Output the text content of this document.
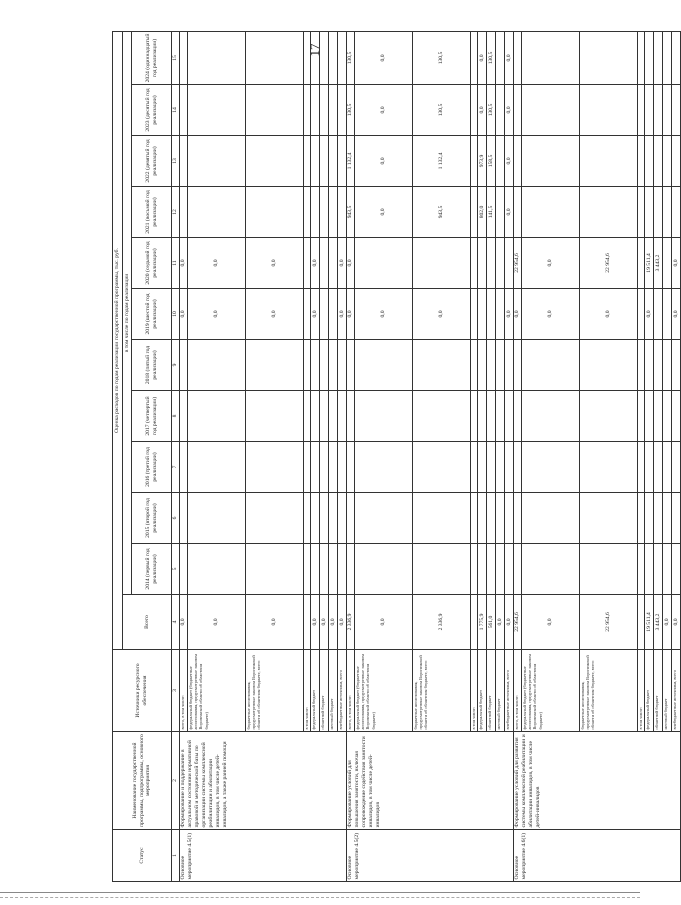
17
Статус	Наименование государственной программы, подпрограммы, основного мероприятия	Источники ресурсного обеспечения	Оценка расходов по годам реализации государственной программы, тыс. руб.											
			Всего	в том числе по годам реализации										
				2014 (первый год реализации)	2015 (второй год реализации)	2016 (третий год реализации)	2017 (четвертый год реализации)	2018 (пятый год реализации)	2019 (шестой год реализации)	2020 (седьмой год реализации)	2021 (восьмой год реализации)	2022 (девятый год реализации)	2023 (десятый год реализации)	2024 (одиннадцатый год реализации)
1	2	3	4	5	6	7	8	9	10	11	12	13	14	15
Основное мероприятие 4.5(1)	Формирование и поддержание в актуальном состоянии нормативной правовой и методической базы по организации системы комплексной реабилитации и абилитации инвалидов, в том числе детей-инвалидов, а также ранней помощи	всего, в том числе:	0,0						0,0	0,0				
		федеральный бюджет (бюджетные ассигнования, предусмотренные законом Воронежской области об областном бюджете)	0,0						0,0	0,0				
		бюджетные ассигнования, предусмотренные законом Воронежской области об областном бюджете, всего	0,0						0,0	0,0				
		в том числе:												
		федеральный бюджет	0,0						0,0	0,0				
		областной бюджет	0,0											
		местный бюджет	0,0											
		внебюджетные источники, всего	0,0						0,0	0,0				
Основное мероприятие 4.5(2)	Формирование условий для повышения занятости, включая сопровождение содействия занятости инвалидов, в том числе детей-инвалидов	всего, в том числе:	2 336,9						0,0	0,0	943,5	1 132,4	130,5	130,5
		федеральный бюджет (бюджетные ассигнования, предусмотренные законом Воронежской области об областном бюджете)	0,0						0,0		0,0	0,0	0,0	0,0
		бюджетные ассигнования, предусмотренные законом Воронежской области об областном бюджете, всего	2 336,9						0,0		943,5	1 132,4	130,5	130,5
		в том числе:												
		федеральный бюджет	1 775,9								802,0	973,9	0,0	0,0
		областной бюджет	561,0								141,5	158,5	130,5	130,5
		местный бюджет	0,0											
		внебюджетные источники, всего	0,0						0,0		0,0	0,0	0,0	0,0
Основное мероприятие 4.6(1)	Формирование условий для развития системы комплексной реабилитации и абилитации инвалидов, в том числе детей-инвалидов	всего, в том числе:	22 954,6						0,0	22 954,6				
		федеральный бюджет (бюджетные ассигнования, предусмотренные законом Воронежской области об областном бюджете)	0,0						0,0	0,0				
		бюджетные ассигнования, предусмотренные законом Воронежской области об областном бюджете, всего	22 954,6						0,0	22 954,6				
		в том числе:												
		федеральный бюджет	19 511,4						0,0	19 511,4				
		областной бюджет	3 443,2							3 443,2				
		местный бюджет	0,0											
		внебюджетные источники, всего	0,0						0,0	0,0				
